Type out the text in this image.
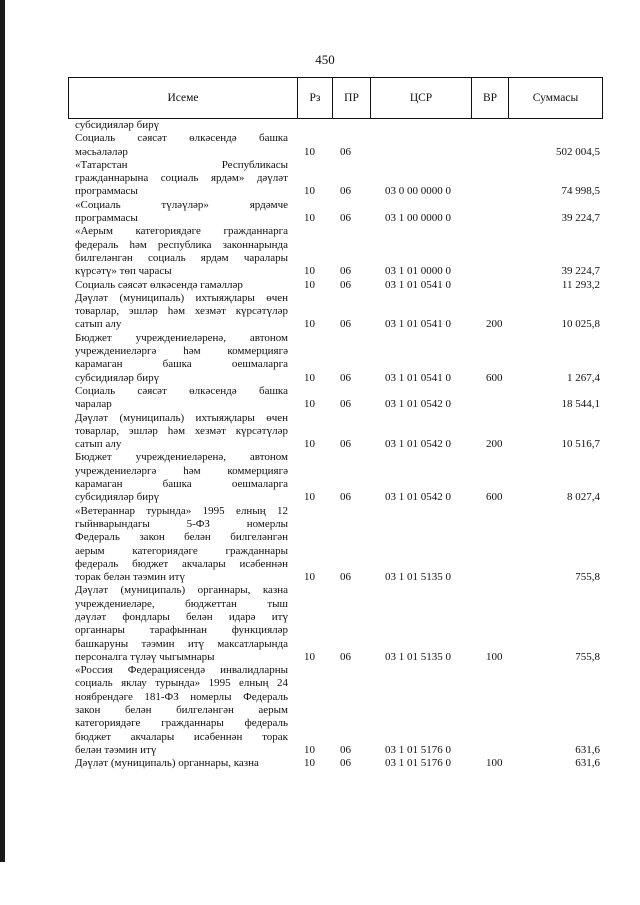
450
Исеме	Рз	ПР	ЦСР	ВР	Суммасы
субсидияләр бирү
Социаль сәясәт өлкәсендә башка
мәсьәләләр	10	06	502 004,5
«Татарстан Республикасы
гражданнарына социаль ярдәм» дәүләт
программасы	10	06	03 0 00 0000 0	74 998,5
«Социаль түләүләр» ярдәмче
программасы	10	06	03 1 00 0000 0	39 224,7
«Аерым категориядәге гражданнарга
федераль һәм республика законнарында
билгеләнгән социаль ярдәм чаралары
күрсәтү» төп чарасы	10	06	03 1 01 0000 0	39 224,7
Социаль сәясәт өлкәсендә гамәлләр	10	06	03 1 01 0541 0	11 293,2
Дәүләт (муниципаль) ихтыяҗлары өчен
товарлар, эшләр һәм хезмәт күрсәтүләр
сатып алу	10	06	03 1 01 0541 0	200	10 025,8
Бюджет учреждениеләренә, автоном
учреждениеләргә һәм коммерциягә
карамаган башка оешмаларга
субсидияләр бирү	10	06	03 1 01 0541 0	600	1 267,4
Социаль сәясәт өлкәсендә башка
чаралар	10	06	03 1 01 0542 0	18 544,1
Дәүләт (муниципаль) ихтыяҗлары өчен
товарлар, эшләр һәм хезмәт күрсәтүләр
сатып алу	10	06	03 1 01 0542 0	200	10 516,7
Бюджет учреждениеләренә, автоном
учреждениеләргә һәм коммерциягә
карамаган башка оешмаларга
субсидияләр бирү	10	06	03 1 01 0542 0	600	8 027,4
«Ветераннар турында» 1995 елның 12
гыйнварындагы 5-ФЗ номерлы
Федераль закон белән билгеләнгән
аерым категориядәге гражданнары
федераль бюджет акчалары исәбеннән
торак белән тәэмин итү	10	06	03 1 01 5135 0	755,8
Дәүләт (муниципаль) органнары, казна
учреждениеләре, бюджеттан тыш
дәүләт фондлары белән идарә итү
органнары тарафыннан функцияләр
башкаруны тәэмин итү максатларында
персоналга түләү чыгымнары	10	06	03 1 01 5135 0	100	755,8
«Россия Федерациясендә инвалидларны
социаль яклау турында» 1995 елның 24
ноябрендәге 181-ФЗ номерлы Федераль
закон белән билгеләнгән аерым
категориядәге гражданнары федераль
бюджет акчалары исәбеннән торак
белән тәэмин итү	10	06	03 1 01 5176 0	631,6
Дәүләт (муниципаль) органнары, казна	10	06	03 1 01 5176 0	100	631,6
